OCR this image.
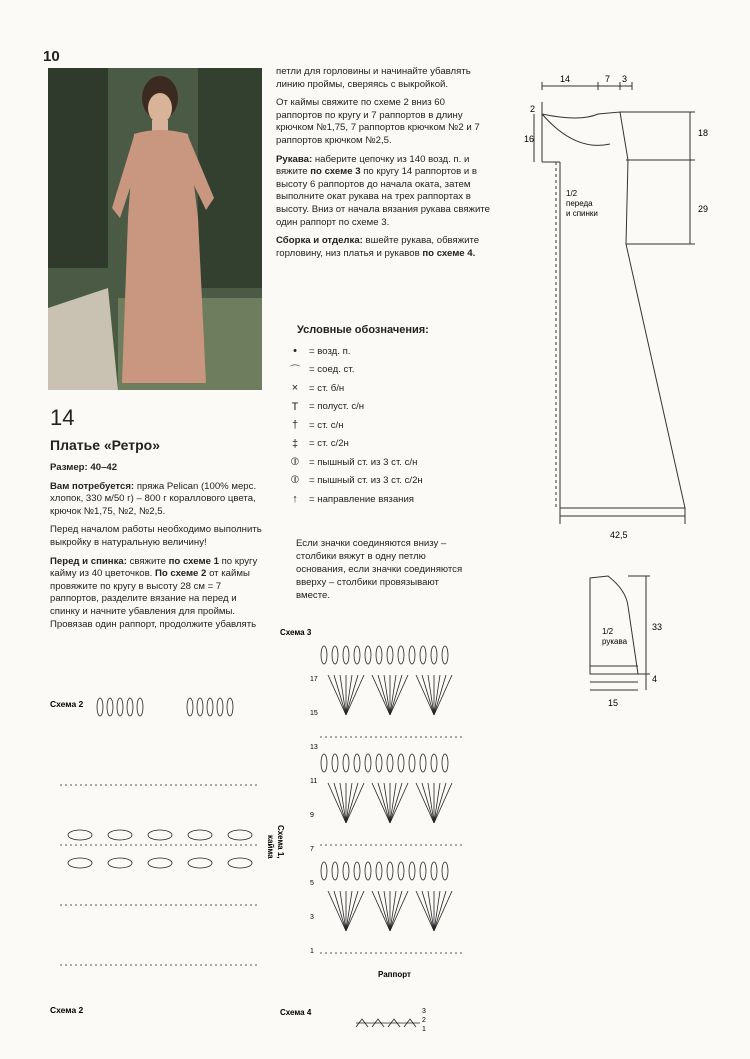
10
14
Платье «Ретро»

Размер: 40–42

Вам потребуется: пряжа Pelican (100% мерс. хлопок, 330 м/50 г) – 800 г кораллового цвета, крючок №1,75, №2, №2,5.

Перед началом работы необходимо выполнить выкройку в натуральную величину!

Перед и спинка: свяжите по схеме 1 по кругу кайму из 40 цветочков. По схеме 2 от каймы провяжите по кругу в высоту 28 см = 7 раппортов, разделите вязание на перед и спинку и начните убавления для проймы. Провязав один раппорт, продолжите убавлять

петли для горловины и начинайте убавлять линию проймы, сверяясь с выкройкой.

От каймы свяжите по схеме 2 вниз 60 раппортов по кругу и 7 раппортов в длину крючком №1,75, 7 раппортов крючком №2 и 7 раппортов крючком №2,5.

Рукава: наберите цепочку из 140 возд. п. и вяжите по схеме 3 по кругу 14 раппортов и в высоту 6 раппортов до начала оката, затем выполните окат рукава на трех раппортах в высоту. Вниз от начала вязания рукава свяжите один раппорт по схеме 3.

Сборка и отделка: вшейте рукава, обвяжите горловину, низ платья и рукавов по схеме 4.

Условные обозначения:
•	= возд. п.
⌒ = соед. ст.
×	= ст. б/н
T	= полуст. с/н
†	= ст. с/н
‡	= ст. с/2н
⦶	= пышный ст. из 3 ст. с/н
⦶	= пышный ст. из 3 ст. с/2н
↑	= направление вязания
Если значки соединяются внизу – столбики вяжут в одну петлю основания, если значки соединяются вверху – столбики провязывают вместе.
14	7 3
2
16
18
29
1/2
переда
и спинки
42,5
1/2
рукава
33
4
15
Схема 2
Схема 2
Схема 1,
кайма
Схема 3
Раппорт
17
15
13
11
9
7
5
3
1
Схема 4	3
2
1
